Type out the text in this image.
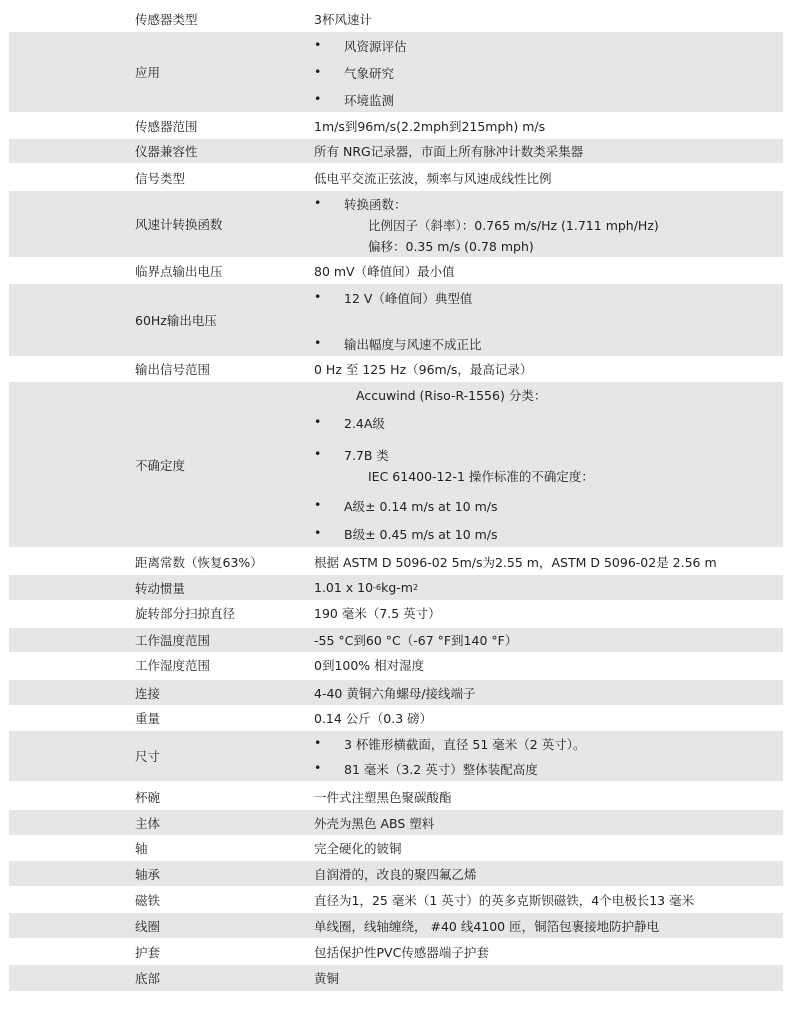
传感器类型	3杯风速计
应用
• 风资源评估
• 气象研究
• 环境监测
传感器范围	1m/s到96m/s(2.2mph到215mph) m/s
仪器兼容性	所有 NRG记录器，市面上所有脉冲计数类采集器
信号类型	低电平交流正弦波，频率与风速成线性比例
风速计转换函数
• 转换函数：
比例因子（斜率）：0.765 m/s/Hz (1.711 mph/Hz)
偏移：0.35 m/s (0.78 mph)
临界点输出电压	80 mV（峰值间）最小值
60Hz输出电压
• 12 V（峰值间）典型值
• 输出幅度与风速不成正比
输出信号范围	0 Hz 至 125 Hz（96m/s，最高记录）
不确定度
Accuwind (Riso-R-1556) 分类：
• 2.4A级
• 7.7B 类
IEC 61400-12-1 操作标准的不确定度：
• A级± 0.14 m/s at 10 m/s
• B级± 0.45 m/s at 10 m/s
距离常数（恢复63%）	根据 ASTM D 5096-02 5m/s为2.55 m，ASTM D 5096-02是 2.56 m
转动惯量	1.01 x 10 -6 kg-m 2
旋转部分扫掠直径	190 毫米（7.5 英寸）
工作温度范围	-55 °C到60 °C（-67 °F到140 °F）
工作湿度范围	0到100% 相对湿度
连接	4-40 黄铜六角螺母/接线端子
重量	0.14 公斤（0.3 磅）
尺寸
• 3 杯锥形横截面，直径 51 毫米（2 英寸）。
• 81 毫米（3.2 英寸）整体装配高度
杯碗	一件式注塑黑色聚碳酸酯
主体	外壳为黑色 ABS 塑料
轴	完全硬化的铍铜
轴承	自润滑的，改良的聚四氟乙烯
磁铁	直径为1，25 毫米（1 英寸）的英多克斯钡磁铁，4个电极长13 毫米
线圈	单线圈，线轴缠绕， #40 线4100 匝，铜箔包裹接地防护静电
护套	包括保护性PVC传感器端子护套
底部	黄铜
